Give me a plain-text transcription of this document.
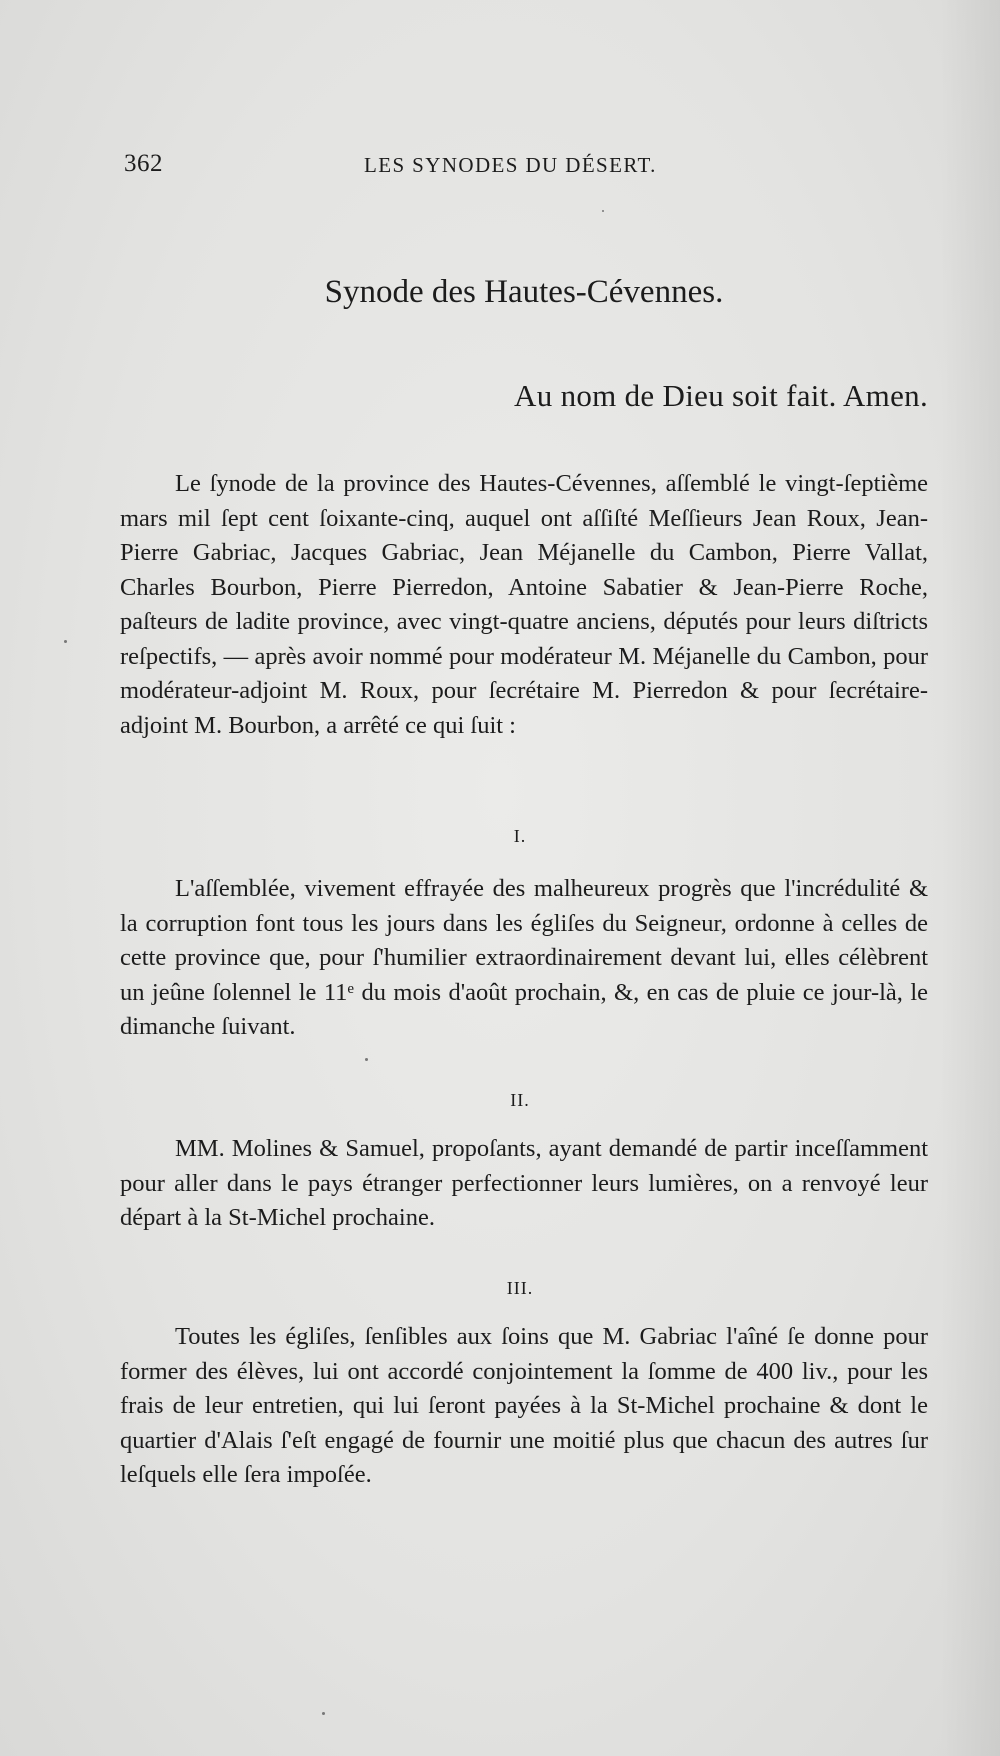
362	LES SYNODES DU DÉSERT.
Synode des Hautes-Cévennes.
Au nom de Dieu soit fait. Amen.

Le ſynode de la province des Hautes-Cévennes, aſſemblé le vingt-ſeptième mars mil ſept cent ſoixante-cinq, auquel ont aſſiſté Meſſieurs Jean Roux, Jean-Pierre Gabriac, Jacques Gabriac, Jean Méjanelle du Cambon, Pierre Vallat, Charles Bourbon, Pierre Pierredon, Antoine Sabatier & Jean-Pierre Roche, paſteurs de ladite province, avec vingt-quatre anciens, députés pour leurs diſtricts reſpectifs, — après avoir nommé pour modérateur M. Méjanelle du Cambon, pour modérateur-adjoint M. Roux, pour ſecrétaire M. Pierredon & pour ſecrétaire-adjoint M. Bourbon, a arrêté ce qui ſuit :

I.

L'aſſemblée, vivement effrayée des malheureux progrès que l'incrédulité & la corruption font tous les jours dans les égliſes du Seigneur, ordonne à celles de cette province que, pour ſ'humilier extraordinairement devant lui, elles célèbrent un jeûne ſolennel le 11e du mois d'août prochain, &, en cas de pluie ce jour-là, le dimanche ſuivant.

II.

MM. Molines & Samuel, propoſants, ayant demandé de partir inceſſamment pour aller dans le pays étranger perfectionner leurs lumières, on a renvoyé leur départ à la St-Michel prochaine.

III.

Toutes les égliſes, ſenſibles aux ſoins que M. Gabriac l'aîné ſe donne pour former des élèves, lui ont accordé conjointement la ſomme de 400 liv., pour les frais de leur entretien, qui lui ſeront payées à la St-Michel prochaine & dont le quartier d'Alais ſ'eſt engagé de fournir une moitié plus que chacun des autres ſur leſquels elle ſera impoſée.
